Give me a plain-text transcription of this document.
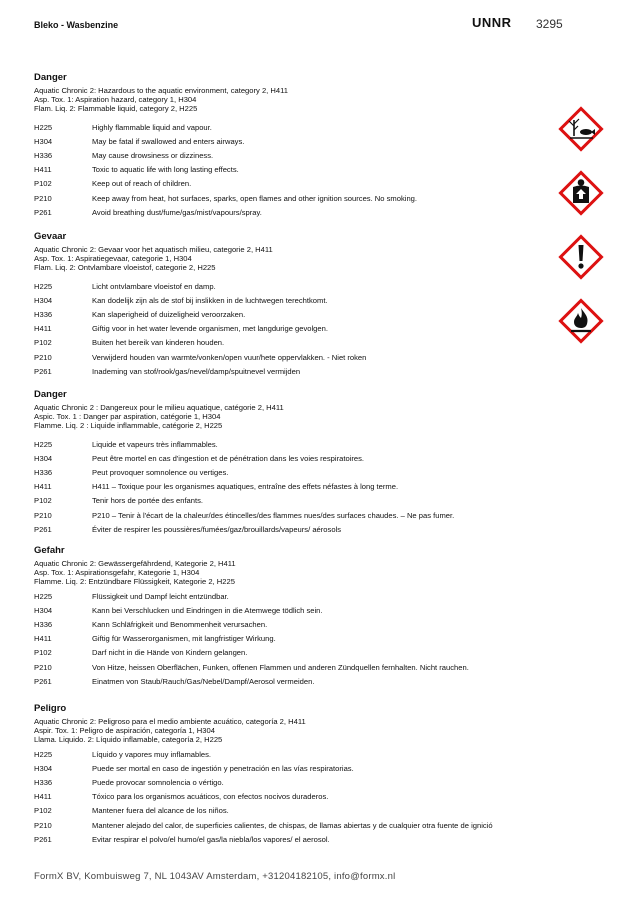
Bleko - Wasbenzine	UNNR 3295
Danger
Aquatic Chronic 2: Hazardous to the aquatic environment, category 2, H411
Asp. Tox. 1: Aspiration hazard, category 1, H304
Flam. Liq. 2: Flammable liquid, category 2, H225
H225	Highly flammable liquid and vapour.
H304	May be fatal if swallowed and enters airways.
H336	May cause drowsiness or dizziness.
H411	Toxic to aquatic life with long lasting effects.
P102	Keep out of reach of children.
P210	Keep away from heat, hot surfaces, sparks, open flames and other ignition sources. No smoking.
P261	Avoid breathing dust/fume/gas/mist/vapours/spray.
Gevaar
Aquatic Chronic 2: Gevaar voor het aquatisch milieu, categorie 2, H411
Asp. Tox. 1: Aspiratiegevaar, categorie 1, H304
Flam. Liq. 2: Ontvlambare vloeistof, categorie 2, H225
H225	Licht ontvlambare vloeistof en damp.
H304	Kan dodelijk zijn als de stof bij inslikken in de luchtwegen terechtkomt.
H336	Kan slaperigheid of duizeligheid veroorzaken.
H411	Giftig voor in het water levende organismen, met langdurige gevolgen.
P102	Buiten het bereik van kinderen houden.
P210	Verwijderd houden van warmte/vonken/open vuur/hete oppervlakken. - Niet roken
P261	Inademing van stof/rook/gas/nevel/damp/spuitnevel vermijden
Danger
Aquatic Chronic 2 : Dangereux pour le milieu aquatique, catégorie 2, H411
Aspic. Tox. 1 : Danger par aspiration, catégorie 1, H304
Flamme. Liq. 2 : Liquide inflammable, catégorie 2, H225
H225	Liquide et vapeurs très inflammables.
H304	Peut être mortel en cas d'ingestion et de pénétration dans les voies respiratoires.
H336	Peut provoquer somnolence ou vertiges.
H411	H411 – Toxique pour les organismes aquatiques, entraîne des effets néfastes à long terme.
P102	Tenir hors de portée des enfants.
P210	P210 – Tenir à l'écart de la chaleur/des étincelles/des flammes nues/des surfaces chaudes. – Ne pas fumer.
P261	Éviter de respirer les poussières/fumées/gaz/brouillards/vapeurs/ aérosols
Gefahr
Aquatic Chronic 2: Gewässergefährdend, Kategorie 2, H411
Asp. Tox. 1: Aspirationsgefahr, Kategorie 1, H304
Flamme. Liq. 2: Entzündbare Flüssigkeit, Kategorie 2, H225
H225	Flüssigkeit und Dampf leicht entzündbar.
H304	Kann bei Verschlucken und Eindringen in die Atemwege tödlich sein.
H336	Kann Schläfrigkeit und Benommenheit verursachen.
H411	Giftig für Wasserorganismen, mit langfristiger Wirkung.
P102	Darf nicht in die Hände von Kindern gelangen.
P210	Von Hitze, heissen Oberflächen, Funken, offenen Flammen und anderen Zündquellen fernhalten. Nicht rauchen.
P261	Einatmen von Staub/Rauch/Gas/Nebel/Dampf/Aerosol vermeiden.
Peligro
Aquatic Chronic 2: Peligroso para el medio ambiente acuático, categoría 2, H411
Aspir. Tox. 1: Peligro de aspiración, categoría 1, H304
Llama. Liquido. 2: Líquido inflamable, categoría 2, H225
H225	Líquido y vapores muy inflamables.
H304	Puede ser mortal en caso de ingestión y penetración en las vías respiratorias.
H336	Puede provocar somnolencia o vértigo.
H411	Tóxico para los organismos acuáticos, con efectos nocivos duraderos.
P102	Mantener fuera del alcance de los niños.
P210	Mantener alejado del calor, de superficies calientes, de chispas, de llamas abiertas y de cualquier otra fuente de ignició
P261	Evitar respirar el polvo/el humo/el gas/la niebla/los vapores/ el aerosol.

FormX BV, Kombuisweg 7, NL 1043AV Amsterdam, +31204182105, info@formx.nl
